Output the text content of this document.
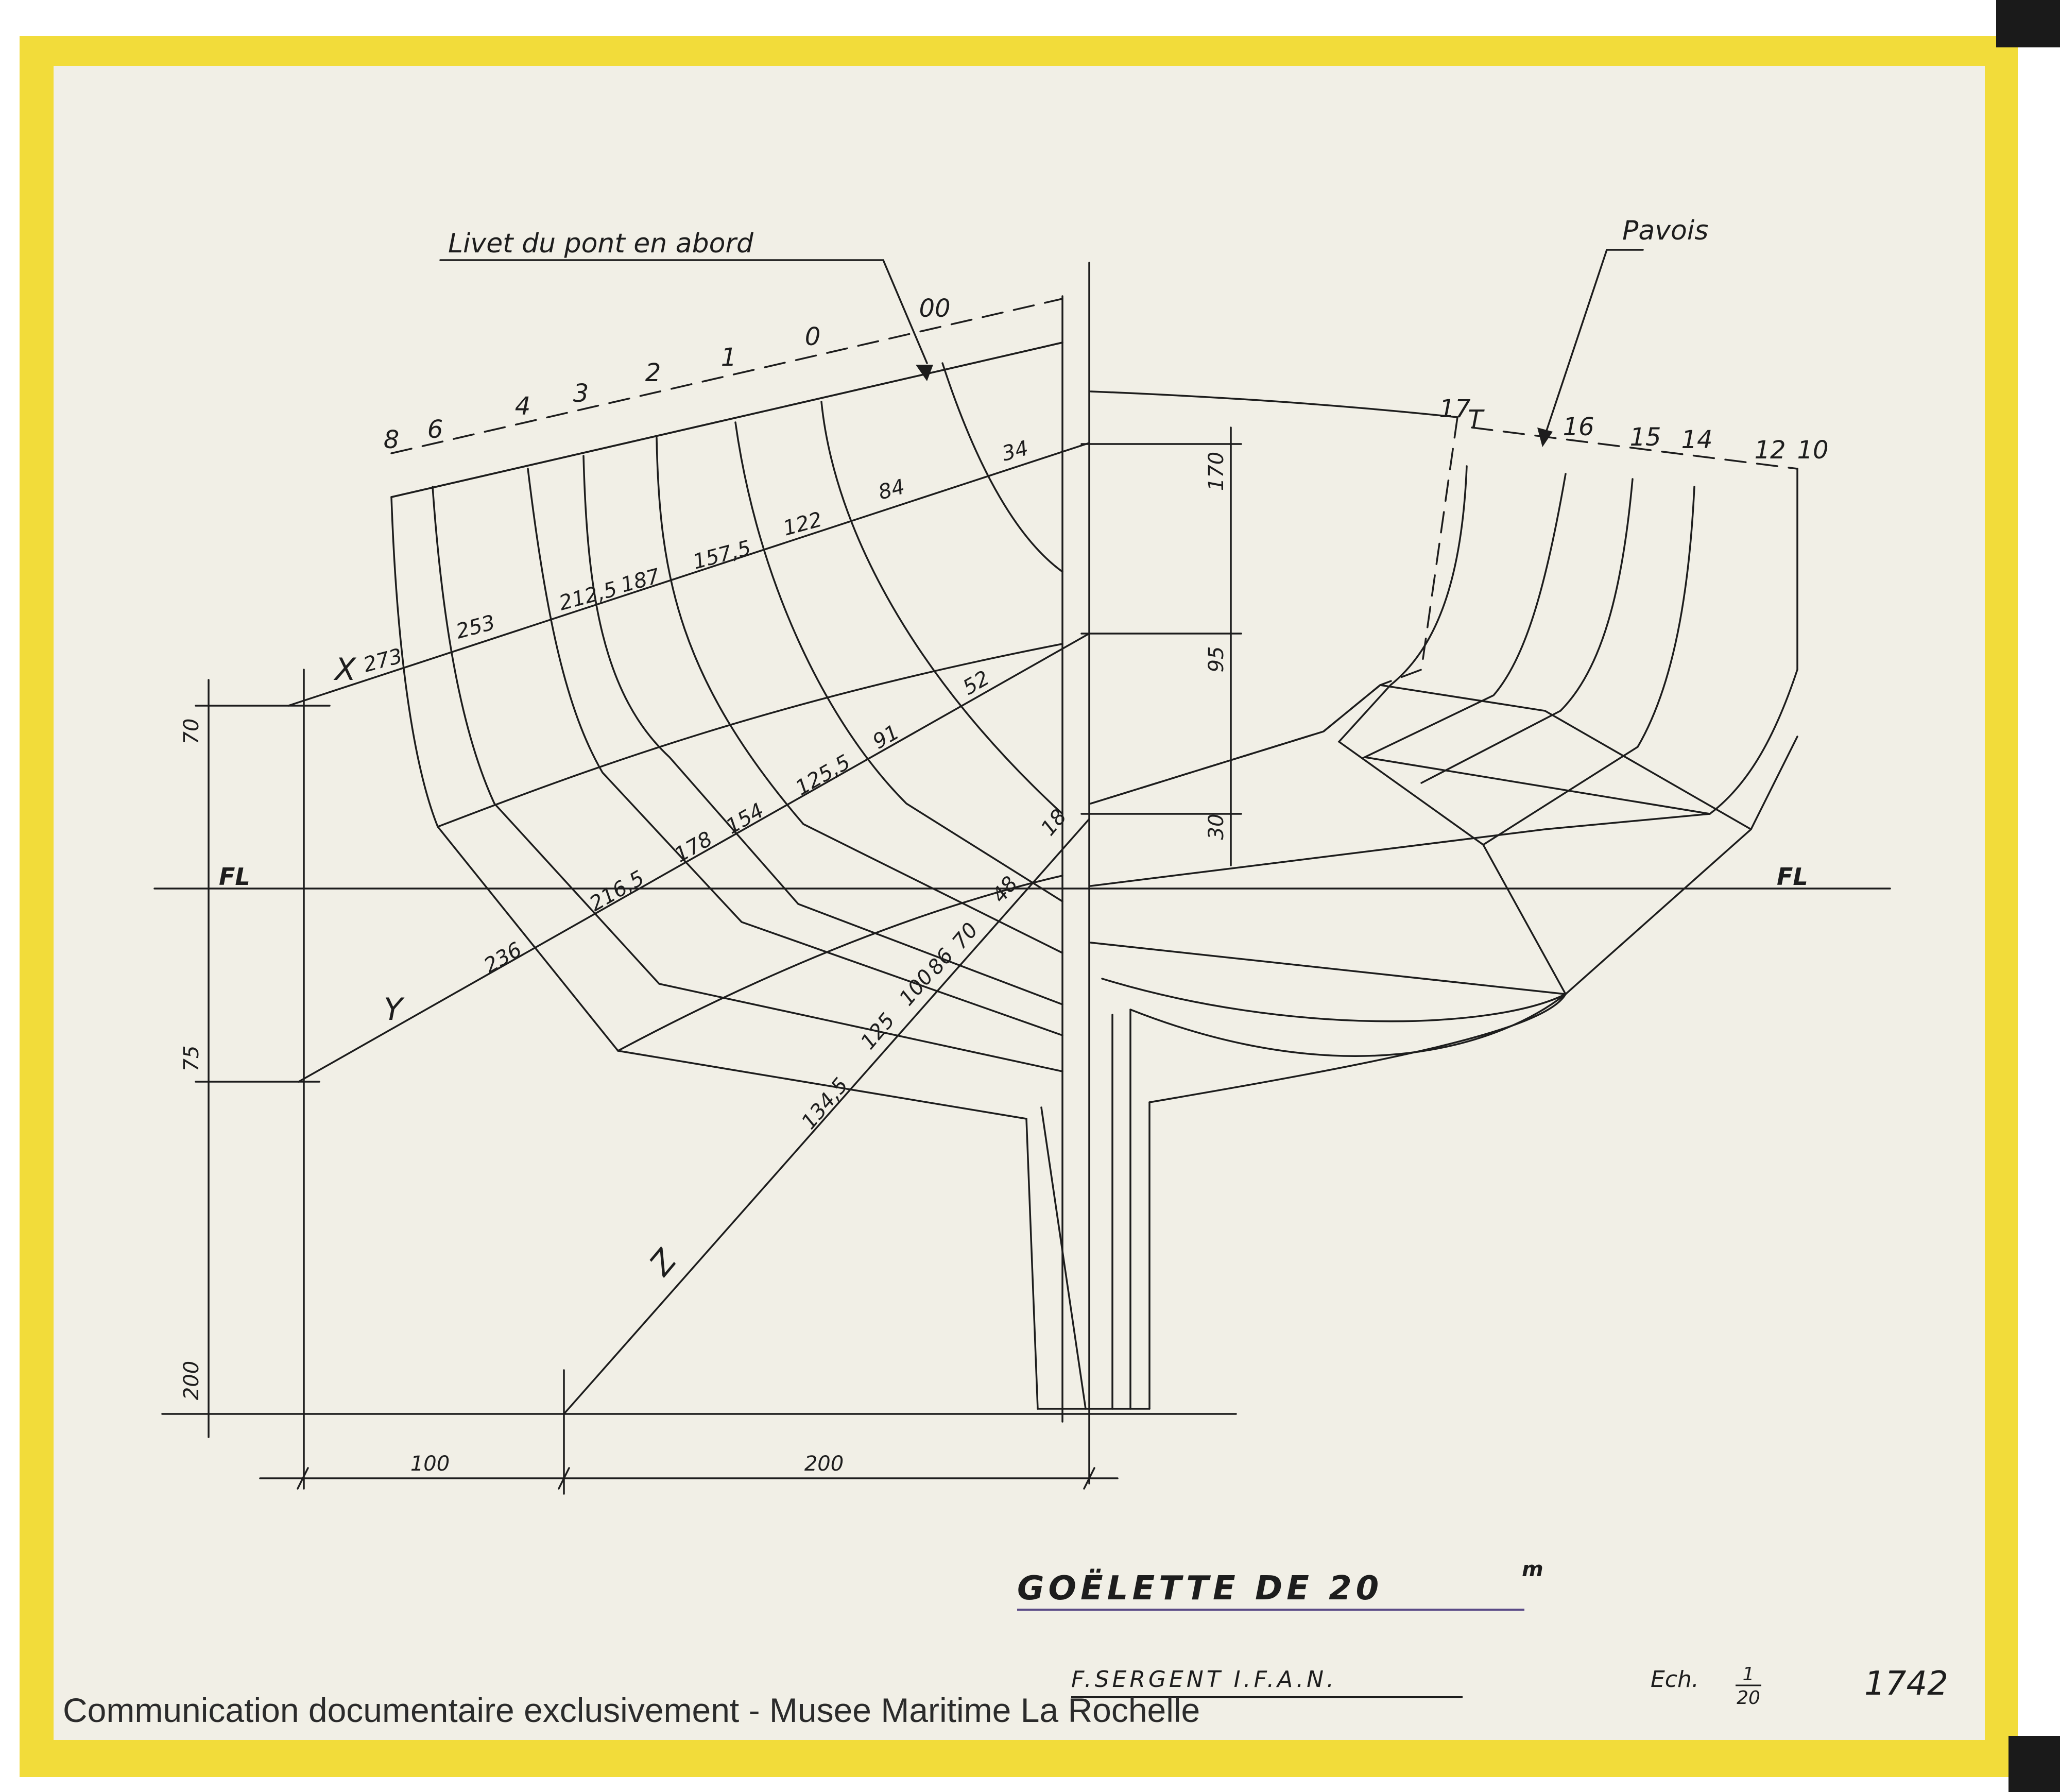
Livet du pont en abord	Pavois
8 6
4 3
2
1
0
00
17
T	16 15 14 12 10
X
Y
Z
273
253
212,5
187
157,5
122
84
34
236
216,5
178
154
125,5
91
52
134,5
125
100
86
70
48
18
70
75
200
100	200
170
95
30
FL	FL
GOËLETTE DE 20	m
F.SERGENT I.F.A.N.	Ech. 1
20	1742
Communication documentaire exclusivement - Musee Maritime La Rochelle
